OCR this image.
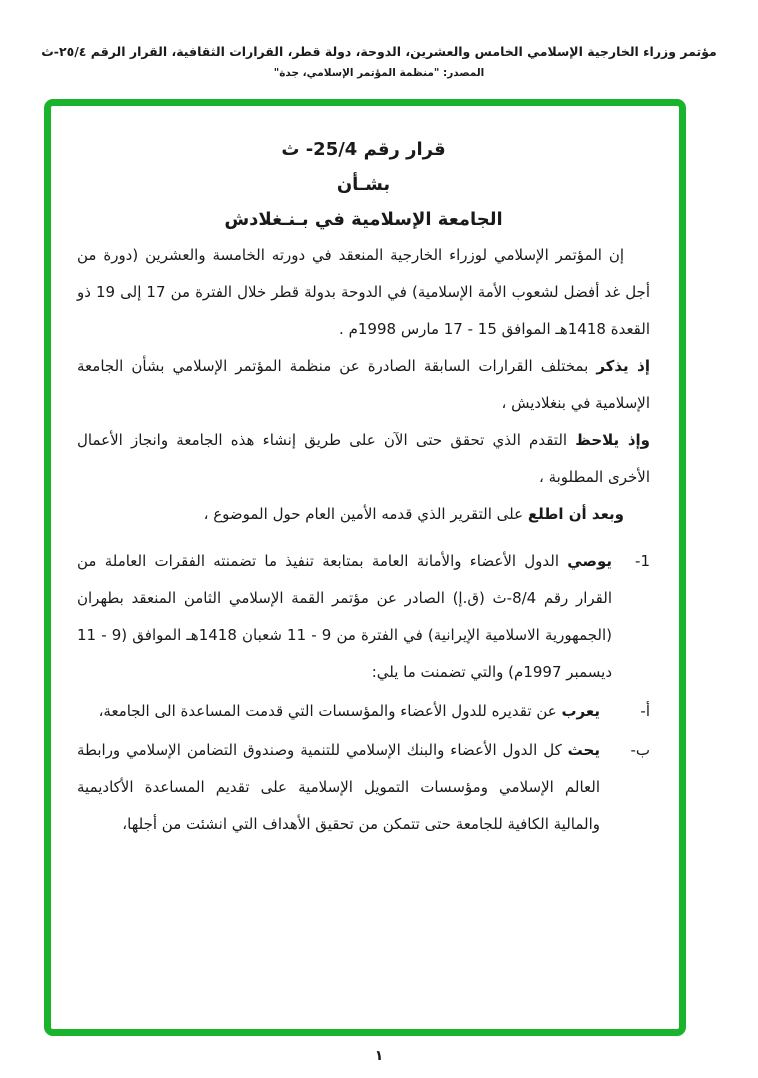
مؤتمر وزراء الخارجية الإسلامي الخامس والعشرين، الدوحة، دولة قطر، القرارات الثقافية، القرار الرقم ٢٥/٤-ث
المصدر: "منظمة المؤتمر الإسلامي، جدة"
قرار رقم 25/4- ث
بشـأن
الجامعة الإسلامية في بـنـغلادش

إن المؤتمر الإسلامي لوزراء الخارجية المنعقد في دورته الخامسة والعشرين (دورة من أجل غد أفضل لشعوب الأمة الإسلامية) في الدوحة بدولة قطر خلال الفترة من 17 إلى 19 ذو القعدة 1418هـ الموافق 15 - 17 مارس 1998م .

إذ يذكر بمختلف القرارات السابقة الصادرة عن منظمة المؤتمر الإسلامي بشأن الجامعة الإسلامية في بنغلاديش ،

وإذ يلاحظ التقدم الذي تحقق حتى الآن على طريق إنشاء هذه الجامعة وانجاز الأعمال الأخرى المطلوبة ،

وبعد أن اطلع على التقرير الذي قدمه الأمين العام حول الموضوع ،

1-
يوصي الدول الأعضاء والأمانة العامة بمتابعة تنفيذ ما تضمنته الفقرات العاملة من القرار رقم 8/4-ث (ق.إ) الصادر عن مؤتمر القمة الإسلامي الثامن المنعقد بطهران (الجمهورية الاسلامية الإيرانية) في الفترة من 9 - 11 شعبان 1418هـ الموافق (9 - 11 ديسمبر 1997م) والتي تضمنت ما يلي:
أ-
يعرب عن تقديره للدول الأعضاء والمؤسسات التي قدمت المساعدة الى الجامعة،
ب-
يحث كل الدول الأعضاء والبنك الإسلامي للتنمية وصندوق التضامن الإسلامي ورابطة العالم الإسلامي ومؤسسات التمويل الإسلامية على تقديم المساعدة الأكاديمية والمالية الكافية للجامعة حتى تتمكن من تحقيق الأهداف التي انشئت من أجلها،
١
